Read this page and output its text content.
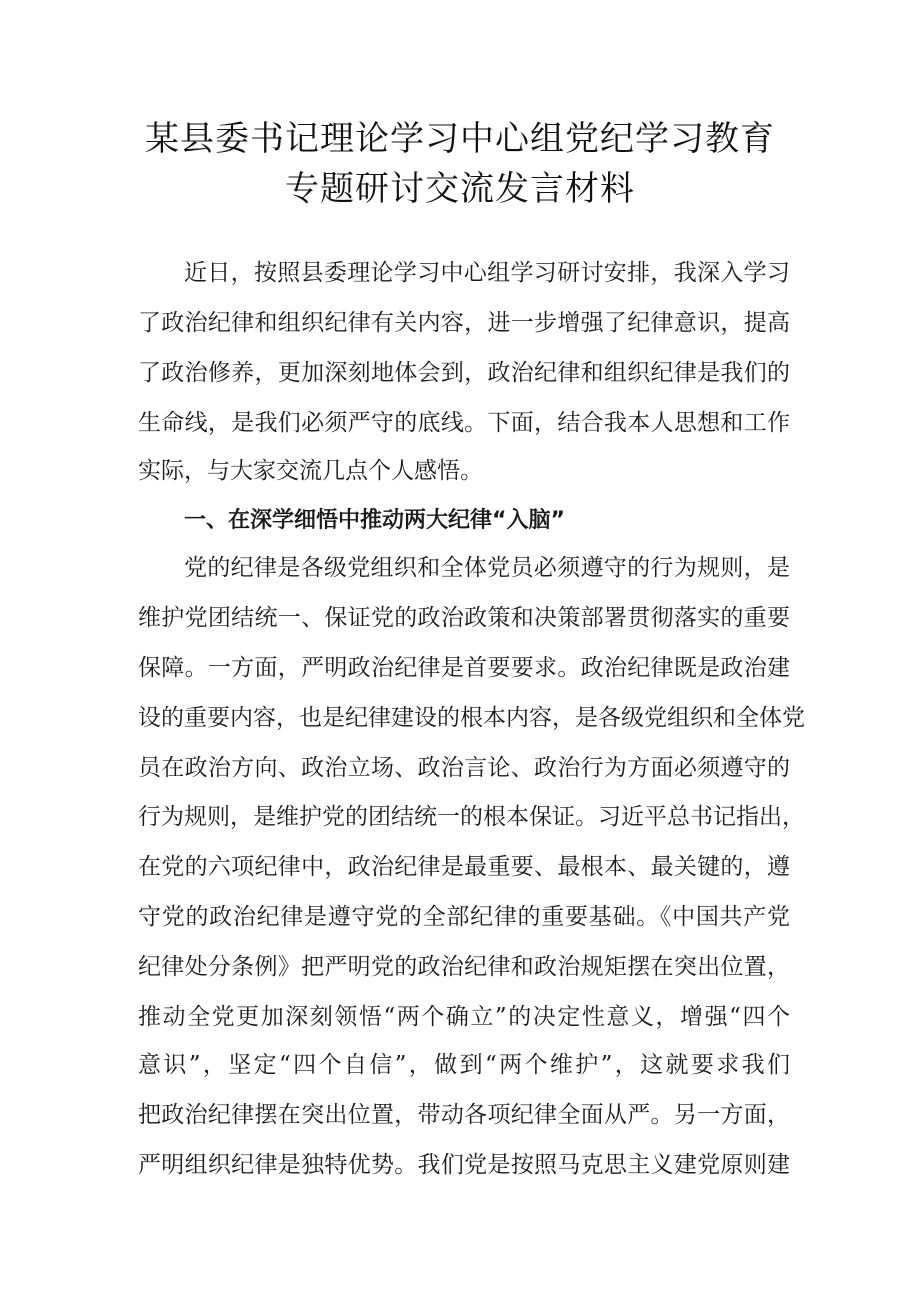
某县委书记理论学习中心组党纪学习教育
专题研讨交流发言材料
近日，按照县委理论学习中心组学习研讨安排，我深入学习
了政治纪律和组织纪律有关内容，进一步增强了纪律意识，提高
了政治修养，更加深刻地体会到，政治纪律和组织纪律是我们的
生命线，是我们必须严守的底线。下面，结合我本人思想和工作
实际，与大家交流几点个人感悟。
一、在深学细悟中推动两大纪律“入脑”
党的纪律是各级党组织和全体党员必须遵守的行为规则，是
维护党团结统一、保证党的政治政策和决策部署贯彻落实的重要
保障。一方面，严明政治纪律是首要要求。政治纪律既是政治建
设的重要内容，也是纪律建设的根本内容，是各级党组织和全体党
员在政治方向、政治立场、政治言论、政治行为方面必须遵守的
行为规则，是维护党的团结统一的根本保证。习近平总书记指出，
在党的六项纪律中，政治纪律是最重要、最根本、最关键的，遵
守党的政治纪律是遵守党的全部纪律的重要基础。《中国共产党
纪律处分条例》把严明党的政治纪律和政治规矩摆在突出位置，
推动全党更加深刻领悟“两个确立”的决定性意义，增强“四个
意识”，坚定“四个自信”，做到“两个维护”，这就要求我们
把政治纪律摆在突出位置，带动各项纪律全面从严。另一方面，
严明组织纪律是独特优势。我们党是按照马克思主义建党原则建
